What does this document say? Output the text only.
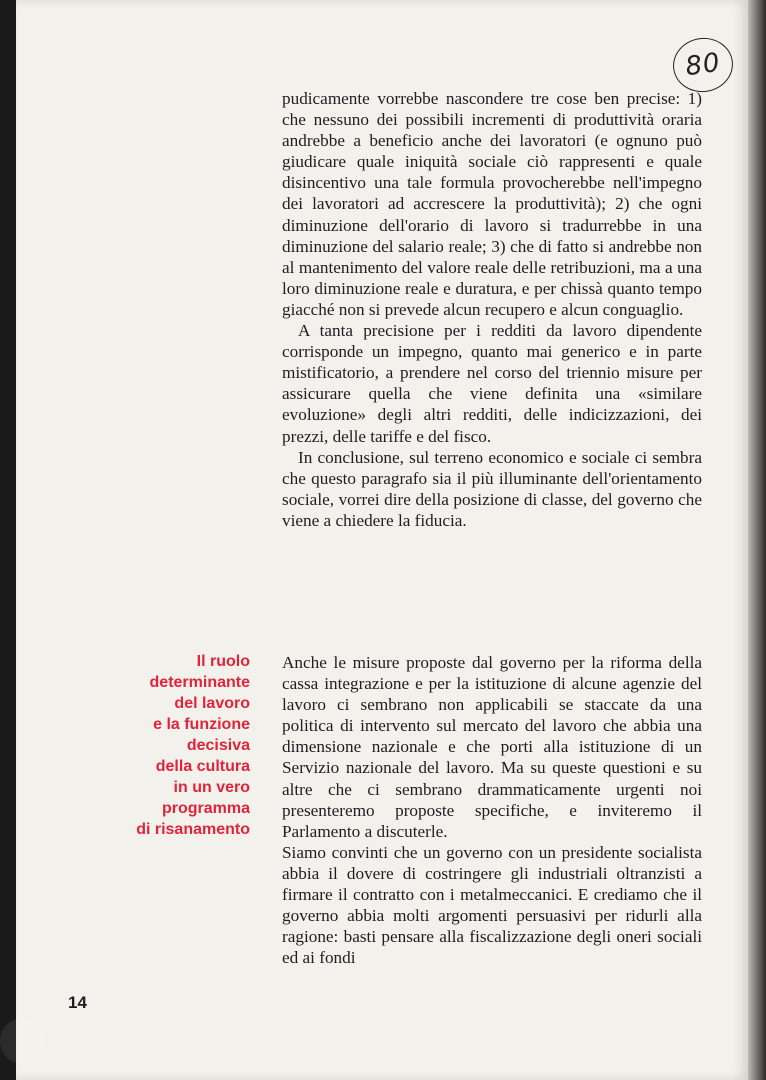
80

pudicamente vorrebbe nascondere tre cose ben precise: 1) che nessuno dei possibili incrementi di produttività oraria andrebbe a beneficio anche dei lavoratori (e ognuno può giudicare quale iniquità sociale ciò rappresenti e quale disincentivo una tale formula provocherebbe nell'impegno dei lavoratori ad accrescere la produttività); 2) che ogni diminuzione dell'orario di lavoro si tradurrebbe in una diminuzione del salario reale; 3) che di fatto si andrebbe non al mantenimento del valore reale delle retribuzioni, ma a una loro diminuzione reale e duratura, e per chissà quanto tempo giacché non si prevede alcun recupero e alcun conguaglio.

A tanta precisione per i redditi da lavoro dipendente corrisponde un impegno, quanto mai generico e in parte mistificatorio, a prendere nel corso del triennio misure per assicurare quella che viene definita una «similare evoluzione» degli altri redditi, delle indicizzazioni, dei prezzi, delle tariffe e del fisco.

In conclusione, sul terreno economico e sociale ci sembra che questo paragrafo sia il più illuminante dell'orientamento sociale, vorrei dire della posizione di classe, del governo che viene a chiedere la fiducia.

Il ruolo
determinante
del lavoro
e la funzione
decisiva
della cultura
in un vero
programma
di risanamento

Anche le misure proposte dal governo per la riforma della cassa integrazione e per la istituzione di alcune agenzie del lavoro ci sembrano non applicabili se staccate da una politica di intervento sul mercato del lavoro che abbia una dimensione nazionale e che porti alla istituzione di un Servizio nazionale del lavoro. Ma su queste questioni e su altre che ci sembrano drammaticamente urgenti noi presenteremo proposte specifiche, e inviteremo il Parlamento a discuterle.

Siamo convinti che un governo con un presidente socialista abbia il dovere di costringere gli industriali oltranzisti a firmare il contratto con i metalmeccanici. E crediamo che il governo abbia molti argomenti persuasivi per ridurli alla ragione: basti pensare alla fiscalizzazione degli oneri sociali ed ai fondi

14
